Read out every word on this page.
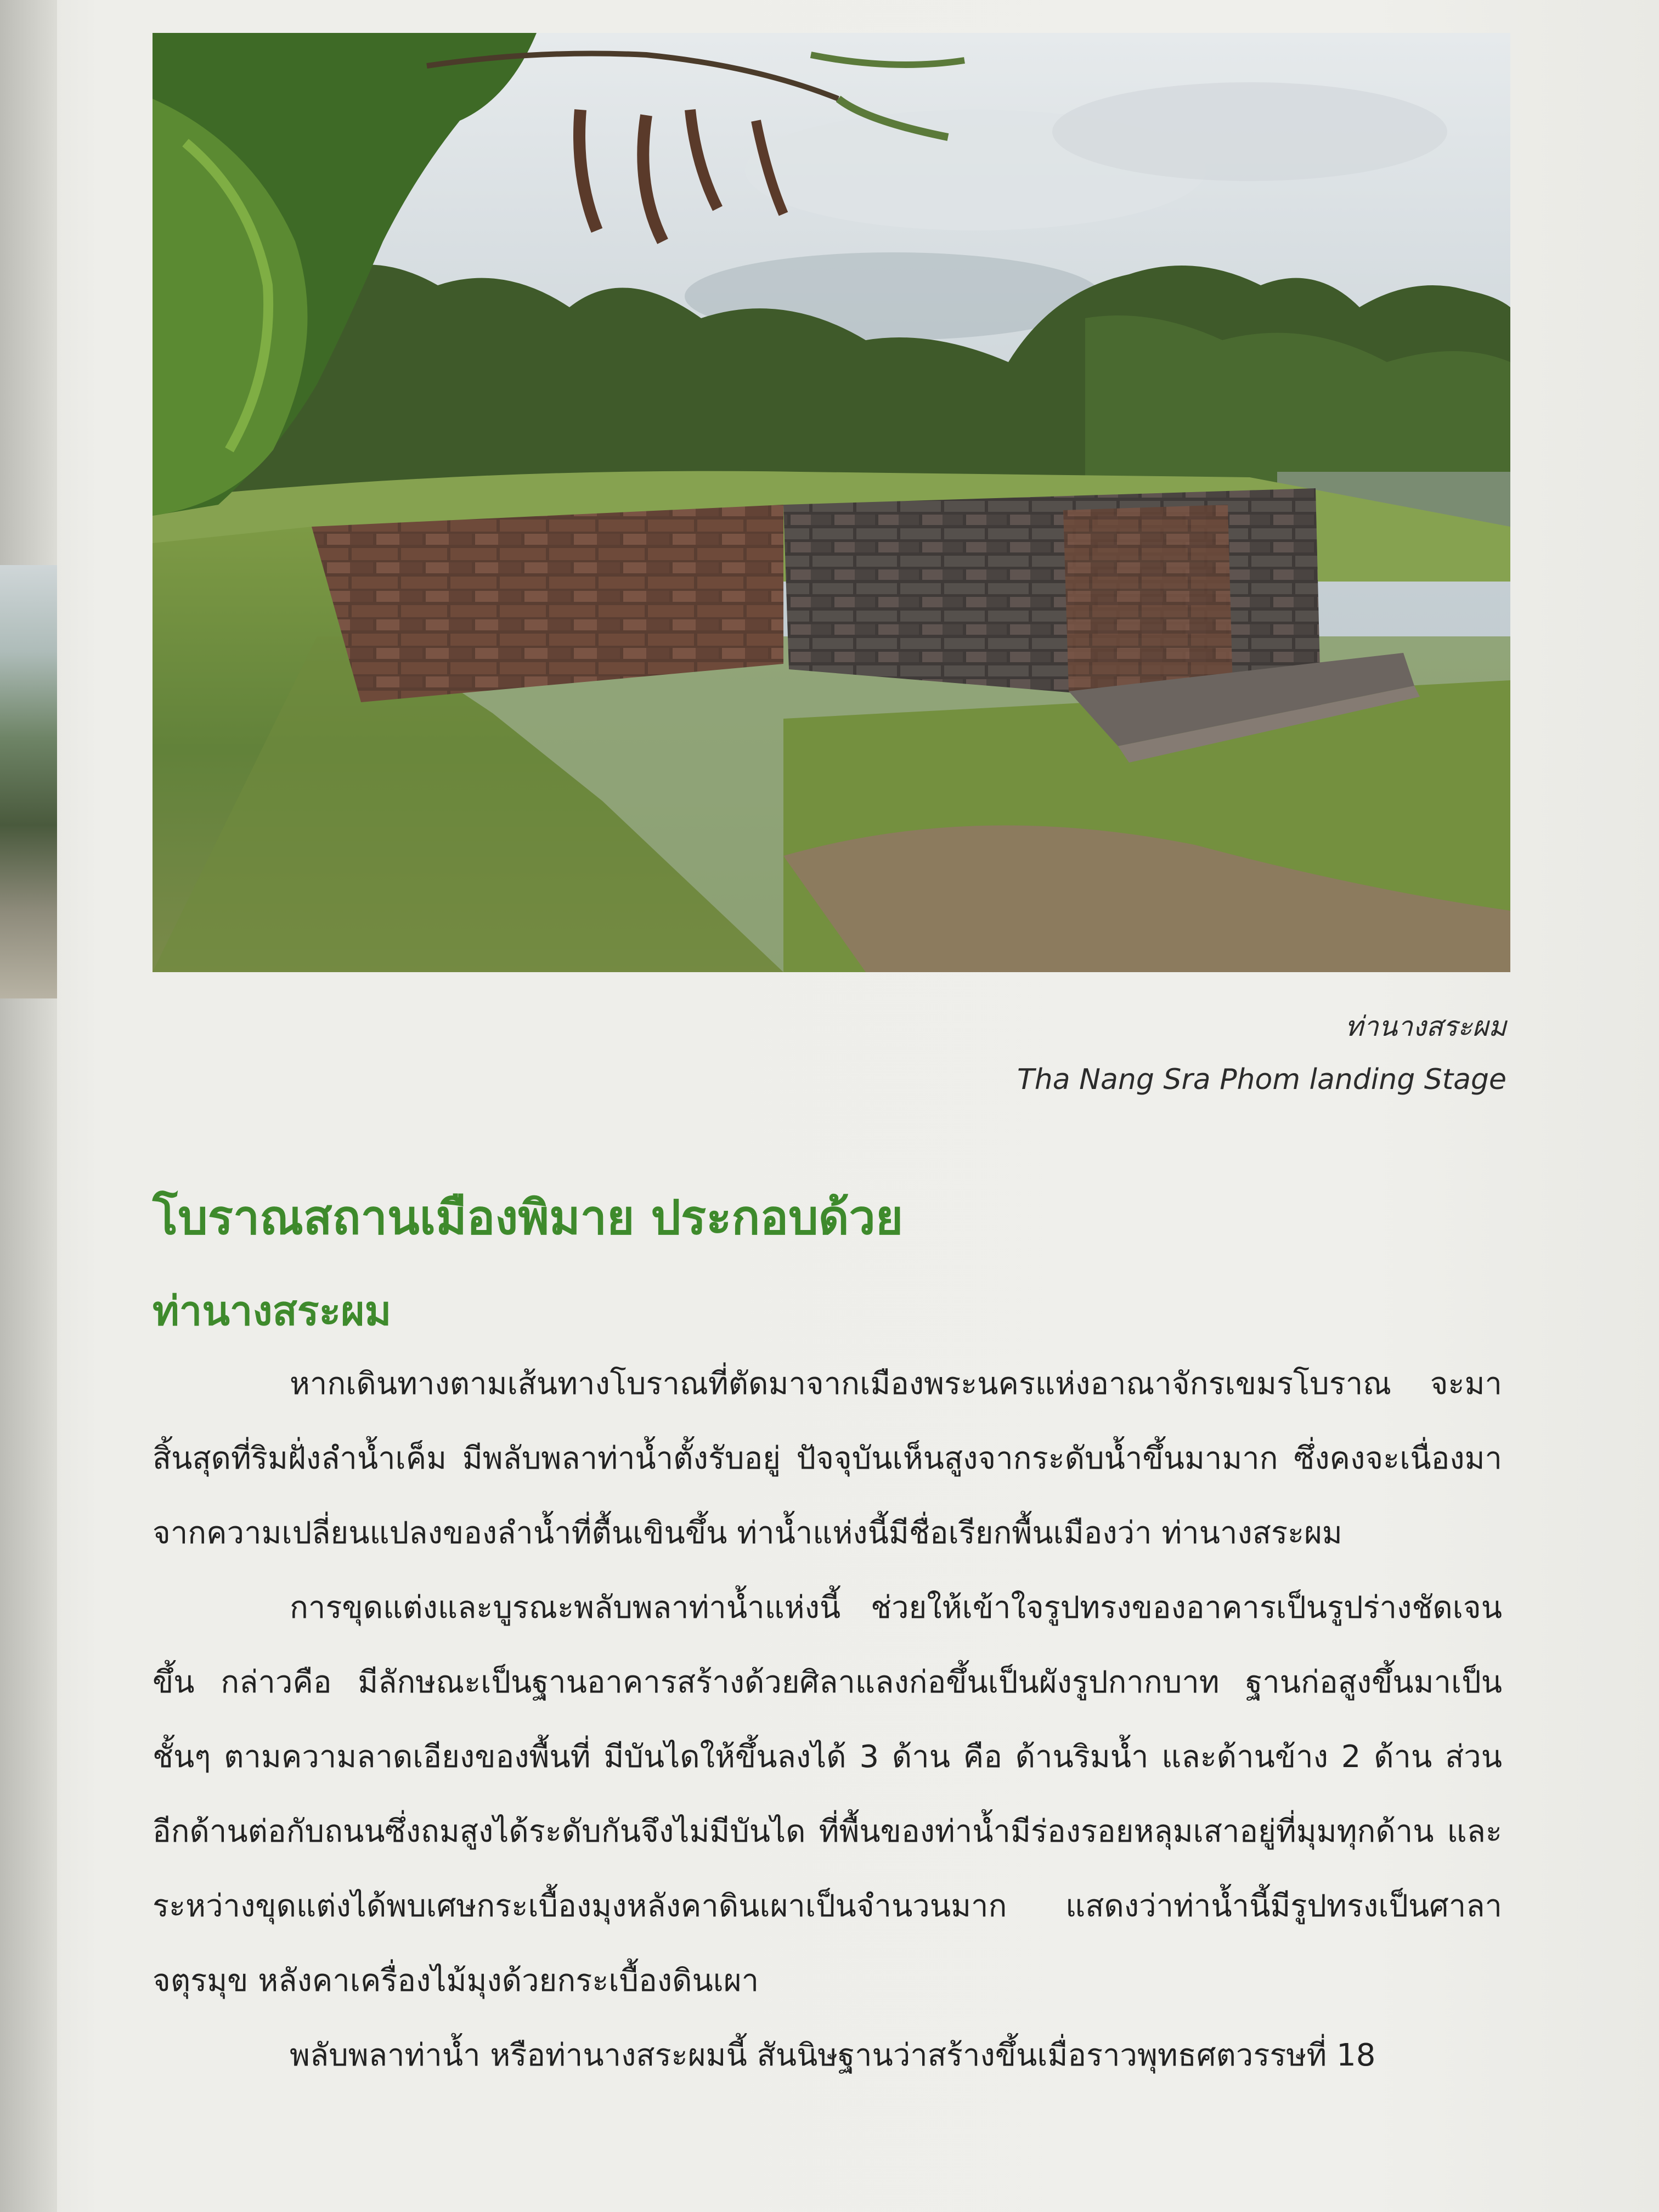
ท่านางสระผม
Tha Nang Sra Phom landing Stage
โบราณสถานเมืองพิมาย ประกอบด้วย
ท่านางสระผม

หากเดินทางตามเส้นทางโบราณที่ตัดมาจากเมืองพระนครแห่งอาณาจักรเขมรโบราณ จะมาสิ้นสุดที่ริมฝั่งลำน้ำเค็ม มีพลับพลาท่าน้ำตั้งรับอยู่ ปัจจุบันเห็นสูงจากระดับน้ำขึ้นมามาก ซึ่งคงจะเนื่องมาจากความเปลี่ยนแปลงของลำน้ำที่ตื้นเขินขึ้น ท่าน้ำแห่งนี้มีชื่อเรียกพื้นเมืองว่า ท่านางสระผม

การขุดแต่งและบูรณะพลับพลาท่าน้ำแห่งนี้ ช่วยให้เข้าใจรูปทรงของอาคารเป็นรูปร่างชัดเจนขึ้น กล่าวคือ มีลักษณะเป็นฐานอาคารสร้างด้วยศิลาแลงก่อขึ้นเป็นผังรูปกากบาท ฐานก่อสูงขึ้นมาเป็นชั้นๆ ตามความลาดเอียงของพื้นที่ มีบันไดให้ขึ้นลงได้ 3 ด้าน คือ ด้านริมน้ำ และด้านข้าง 2 ด้าน ส่วนอีกด้านต่อกับถนนซึ่งถมสูงได้ระดับกันจึงไม่มีบันได ที่พื้นของท่าน้ำมีร่องรอยหลุมเสาอยู่ที่มุมทุกด้าน และระหว่างขุดแต่งได้พบเศษกระเบื้องมุงหลังคาดินเผาเป็นจำนวนมาก แสดงว่าท่าน้ำนี้มีรูปทรงเป็นศาลาจตุรมุข หลังคาเครื่องไม้มุงด้วยกระเบื้องดินเผา

พลับพลาท่าน้ำ หรือท่านางสระผมนี้ สันนิษฐานว่าสร้างขึ้นเมื่อราวพุทธศตวรรษที่ 18
